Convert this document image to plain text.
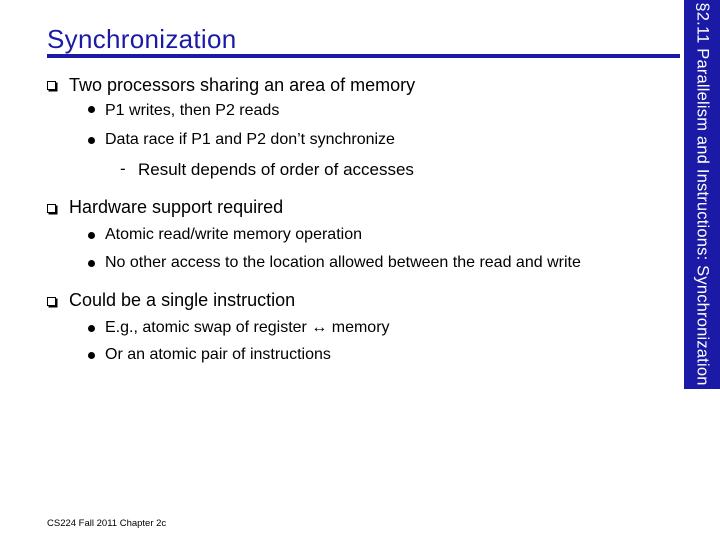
Synchronization	§2.11 Parallelism and Instructions: Synchronization
Two processors sharing an area of memory
P1 writes, then P2 reads
Data race if P1 and P2 don’t synchronize
- Result depends of order of accesses
Hardware support required
Atomic read/write memory operation
No other access to the location allowed between the read and write
Could be a single instruction
E.g., atomic swap of register ↔ memory
Or an atomic pair of instructions
CS224 Fall 2011 Chapter 2c
